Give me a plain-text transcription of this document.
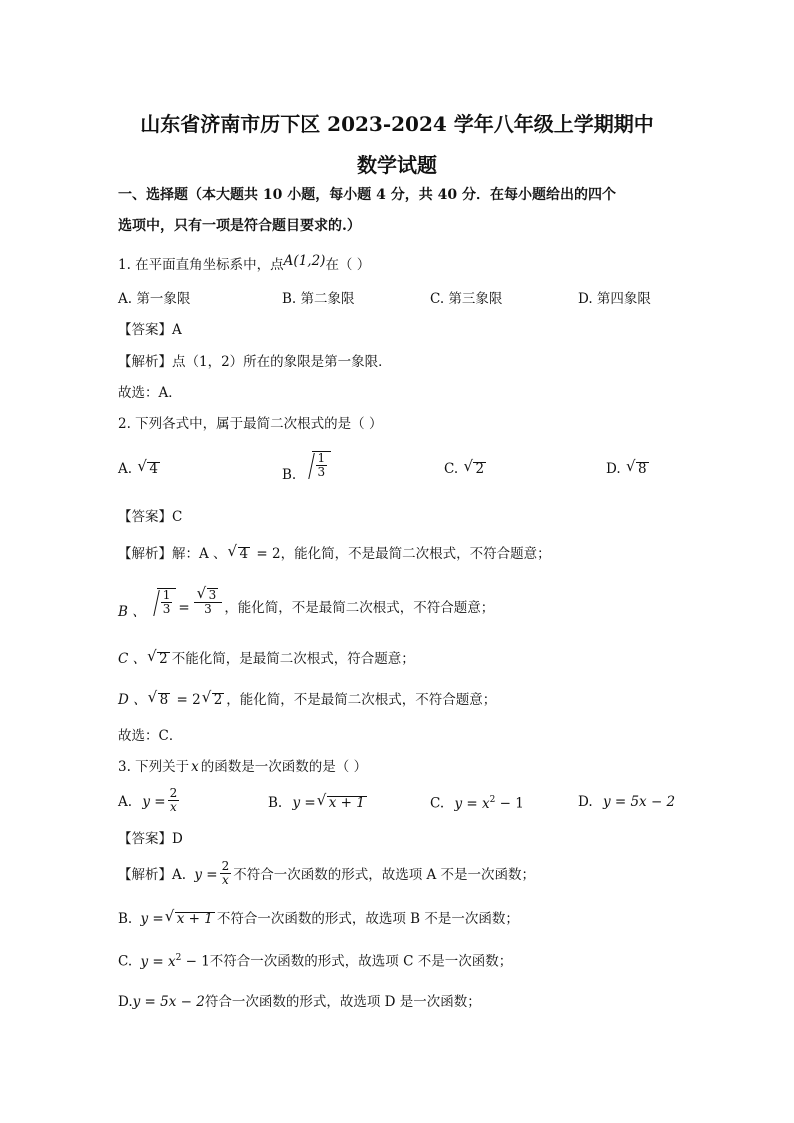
山东省济南市历下区 2023-2024 学年八年级上学期期中
数学试题
一、选择题（本大题共 10 小题，每小题 4 分，共 40 分．在每小题给出的四个
选项中，只有一项是符合题目要求的.）
1. 在平面直角坐标系中，点A(1,2)在（ ）
A. 第一象限	B. 第二象限	C. 第三象限	D. 第四象限
【答案】A
【解析】点（1，2）所在的象限是第一象限．
故选：A．
2. 下列各式中，属于最简二次根式的是（ ）
A. √ 4	B. $\frac{1}{3}$	C. √ 2	D. √ 8
【答案】C
【解析】解：A 、 √ 4 = 2，能化简，不是最简二次根式，不符合题意；
B 、 $\frac{1}{3}$ = √ $\frac{3}{3}$ ，能化简，不是最简二次根式，不符合题意；
C 、 √ 2 不能化简，是最简二次根式，符合题意；
D 、 √ 8 = 2 √ 2 ，能化简，不是最简二次根式，不符合题意；
故选：C．
3. 下列关于 x 的函数是一次函数的是（ ）
A. $y = \frac{2}{x}$	B. y = √ x + 1	C. $y = x^2 - 1$	D. y = 5x − 2
【答案】D
【解析】A. $y = \frac{2}{x}$ 不符合一次函数的形式，故选项 A 不是一次函数；
B. y = √ x + 1 不符合一次函数的形式，故选项 B 不是一次函数；
C. $y = x^2 - 1$不符合一次函数的形式，故选项 C 不是一次函数；
D.y = 5x − 2符合一次函数的形式，故选项 D 是一次函数；
